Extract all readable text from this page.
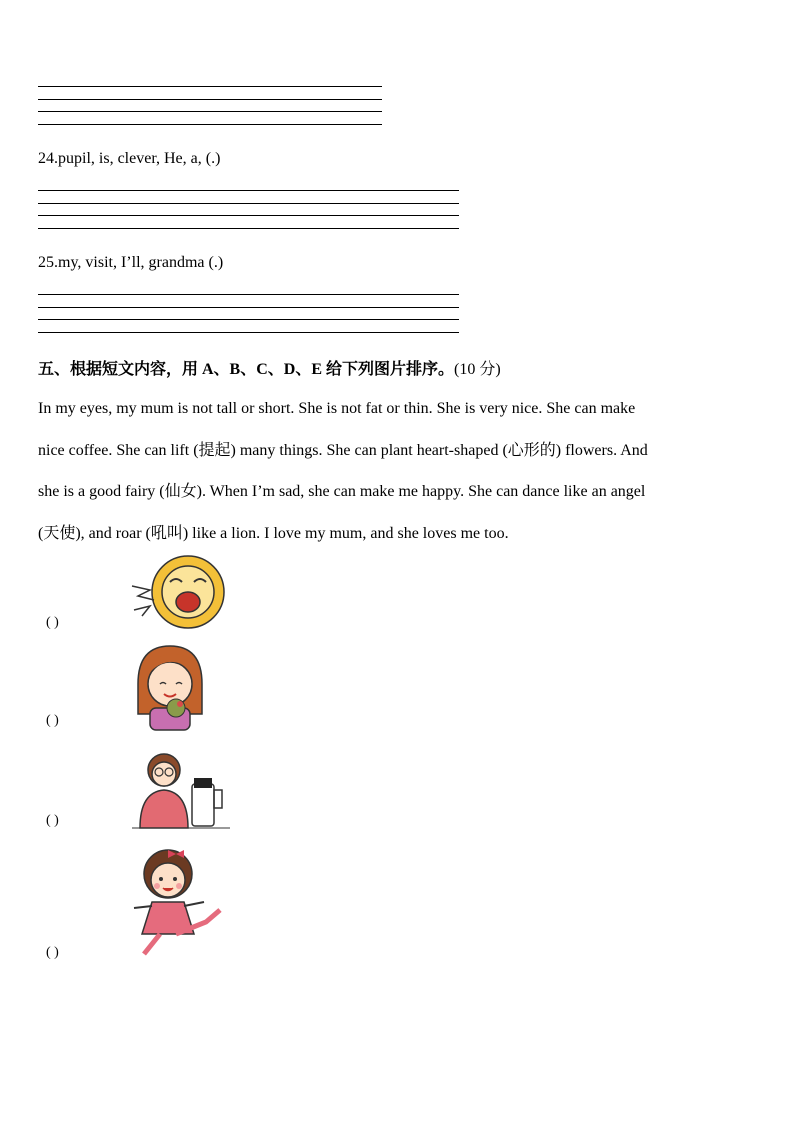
24.pupil, is, clever, He, a, (.)
25.my, visit, I’ll, grandma (.)
五、根据短文内容，用 A、B、C、D、E 给下列图片排序。(10 分)
In my eyes, my mum is not tall or short. She is not fat or thin. She is very nice. She can make
nice coffee. She can lift (提起) many things. She can plant heart-shaped (心形的) flowers. And
she is a good fairy (仙女). When I’m sad, she can make me happy. She can dance like an angel
(天使), and roar (吼叫) like a lion. I love my mum, and she loves me too.
( )
( )
( )
( )
